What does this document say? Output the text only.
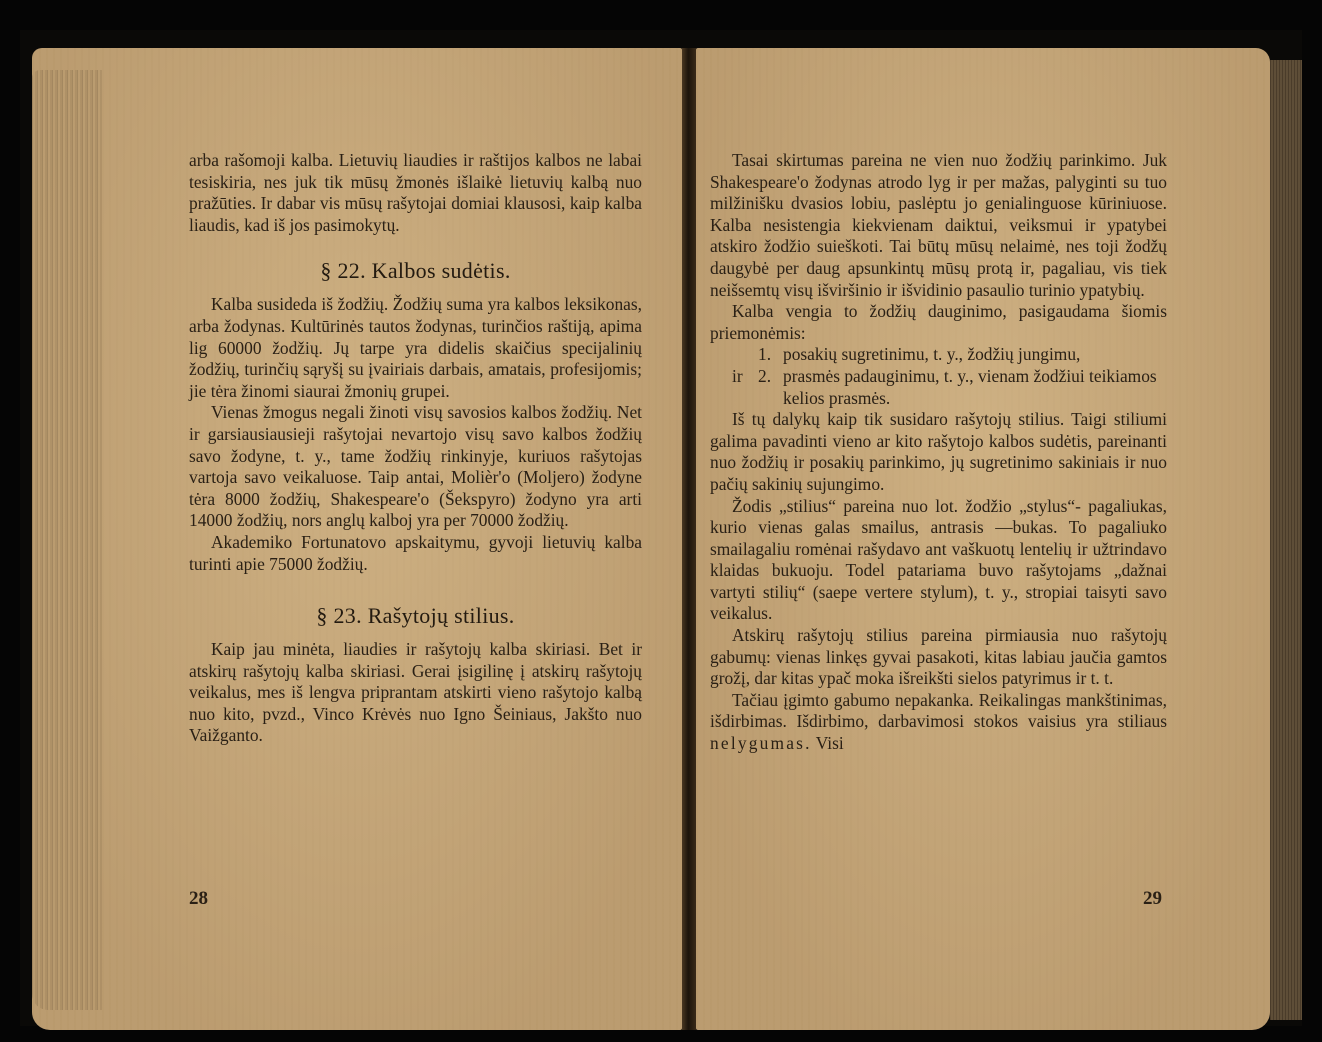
arba rašomoji kalba. Lietuvių liaudies ir raštijos kalbos ne labai tesiskiria, nes juk tik mūsų žmonės išlaikė lietuvių kalbą nuo pražūties. Ir dabar vis mūsų rašytojai domiai klausosi, kaip kalba liaudis, kad iš jos pasimokytų.

§ 22. Kalbos sudėtis.

Kalba susideda iš žodžių. Žodžių suma yra kalbos leksikonas, arba žodynas. Kultūrinės tautos žodynas, turinčios raštiją, apima lig 60000 žodžių. Jų tarpe yra didelis skaičius specijalinių žodžių, turinčių sąryšį su įvairiais darbais, amatais, profesijomis; jie tėra žinomi siaurai žmonių grupei.

Vienas žmogus negali žinoti visų savosios kalbos žodžių. Net ir garsiausiausieji rašytojai nevartojo visų savo kalbos žodžių savo žodyne, t. y., tame žodžių rinkinyje, kuriuos rašytojas vartoja savo veikaluose. Taip antai, Molièr'o (Moljero) žodyne tėra 8000 žodžių, Shakespeare'o (Šekspyro) žodyno yra arti 14000 žodžių, nors anglų kalboj yra per 70000 žodžių.

Akademiko Fortunatovo apskaitymu, gyvoji lietuvių kalba turinti apie 75000 žodžių.

§ 23. Rašytojų stilius.

Kaip jau minėta, liaudies ir rašytojų kalba skiriasi. Bet ir atskirų rašytojų kalba skiriasi. Gerai įsigilinę į atskirų rašytojų veikalus, mes iš lengva priprantam atskirti vieno rašytojo kalbą nuo kito, pvzd., Vinco Krėvės nuo Igno Šeiniaus, Jakšto nuo Vaižganto.

28

Tasai skirtumas pareina ne vien nuo žodžių parinkimo. Juk Shakespeare'o žodynas atrodo lyg ir per mažas, palyginti su tuo milžinišku dvasios lobiu, paslėptu jo genialinguose kūriniuose. Kalba nesistengia kiekvienam daiktui, veiksmui ir ypatybei atskiro žodžio suieškoti. Tai būtų mūsų nelaimė, nes toji žodžų daugybė per daug apsunkintų mūsų protą ir, pagaliau, vis tiek neišsemtų visų išviršinio ir išvidinio pasaulio turinio ypatybių.

Kalba vengia to žodžių dauginimo, pasigaudama šiomis priemonėmis:

1. posakių sugretinimu, t. y., žodžių jungimu,
ir 2. prasmės padauginimu, t. y., vienam žodžiui teikiamos kelios prasmės.

Iš tų dalykų kaip tik susidaro rašytojų stilius. Taigi stiliumi galima pavadinti vieno ar kito rašytojo kalbos sudėtis, pareinanti nuo žodžių ir posakių parinkimo, jų sugretinimo sakiniais ir nuo pačių sakinių sujungimo.

Žodis „stilius“ pareina nuo lot. žodžio „stylus“- pagaliukas, kurio vienas galas smailus, antrasis —bukas. To pagaliuko smailagaliu romėnai rašydavo ant vaškuotų lentelių ir užtrindavo klaidas bukuoju. Todel patariama buvo rašytojams „dažnai vartyti stilių“ (saepe vertere stylum), t. y., stropiai taisyti savo veikalus.

Atskirų rašytojų stilius pareina pirmiausia nuo rašytojų gabumų: vienas linkęs gyvai pasakoti, kitas labiau jaučia gamtos grožį, dar kitas ypač moka išreikšti sielos patyrimus ir t. t.

Tačiau įgimto gabumo nepakanka. Reikalingas mankštinimas, išdirbimas. Išdirbimo, darbavimosi stokos vaisius yra stiliaus nelygumas. Visi

29
